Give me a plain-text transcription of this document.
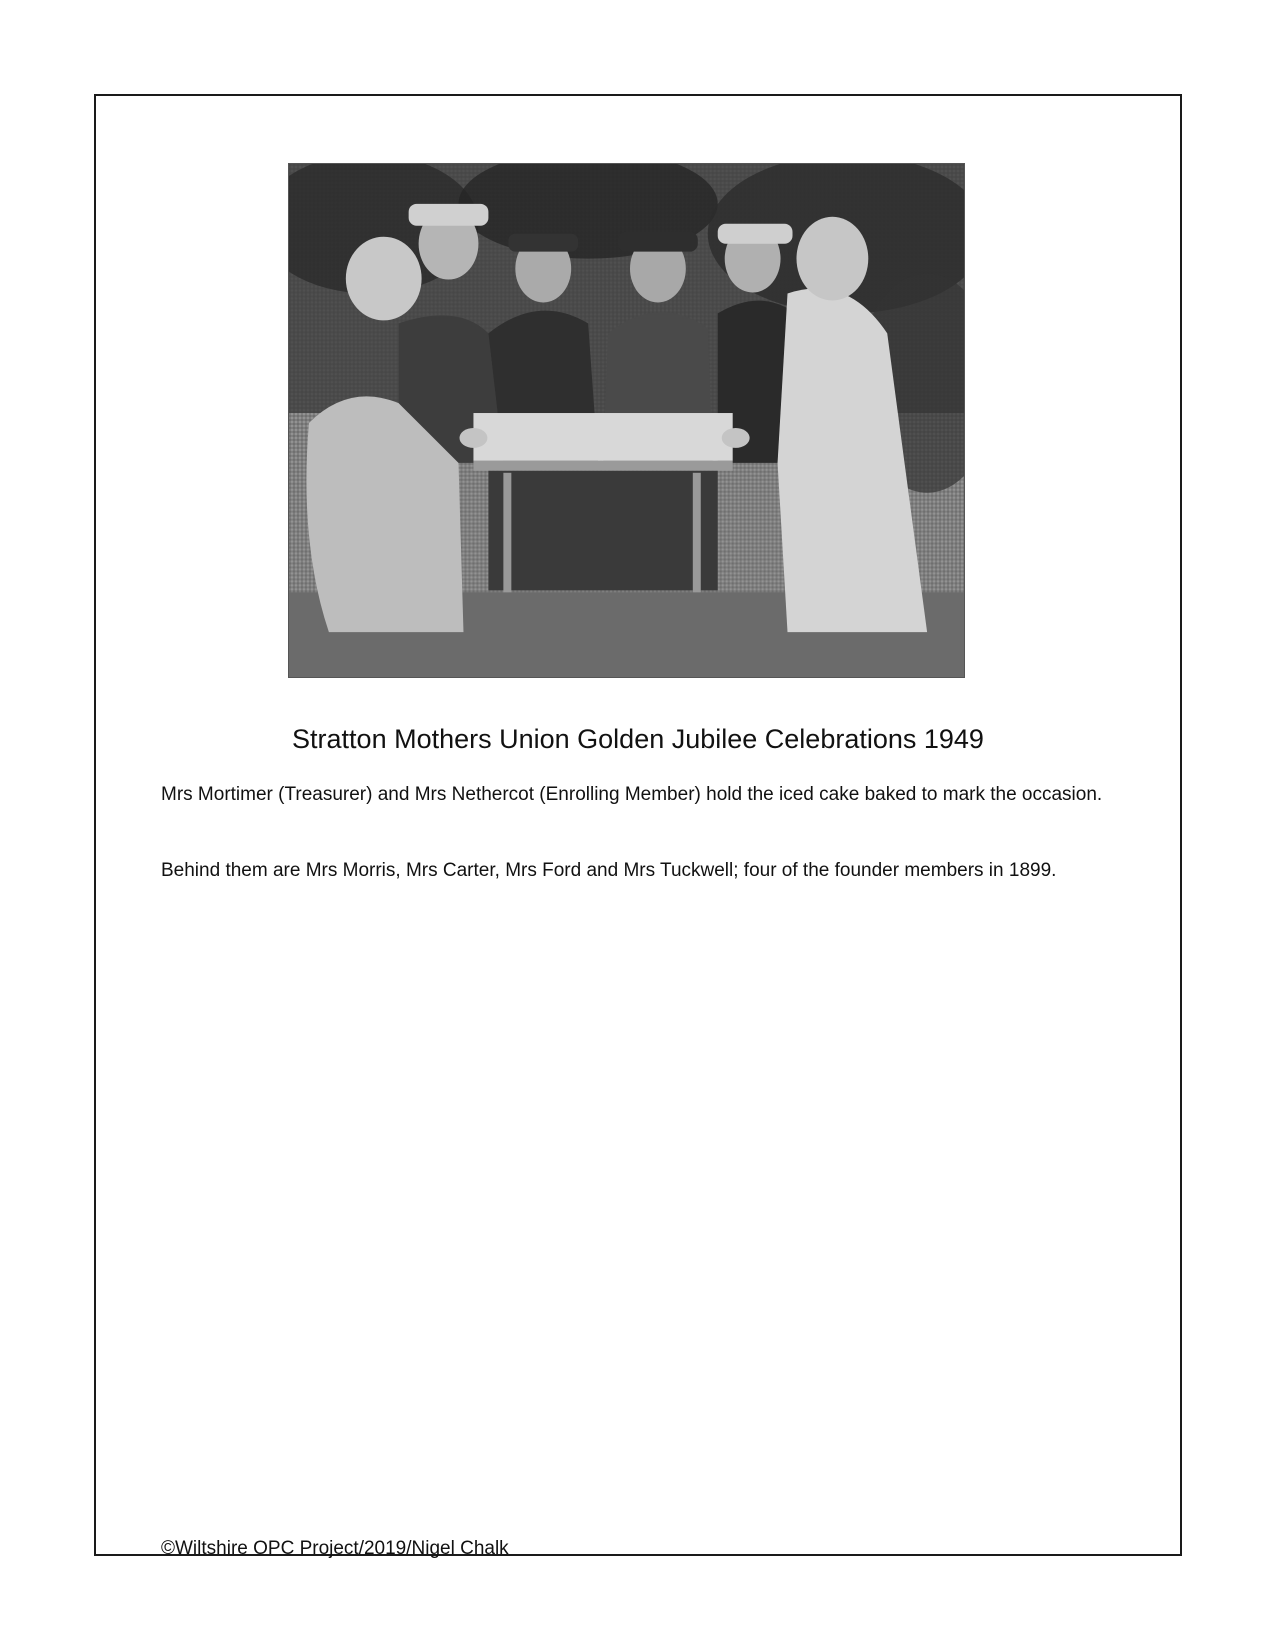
Stratton Mothers Union Golden Jubilee Celebrations 1949

Mrs Mortimer (Treasurer) and Mrs Nethercot (Enrolling Member) hold the iced cake baked to mark the occasion.

Behind them are Mrs Morris, Mrs Carter, Mrs Ford and Mrs Tuckwell; four of the founder members in 1899.

©Wiltshire OPC Project/2019/Nigel Chalk
